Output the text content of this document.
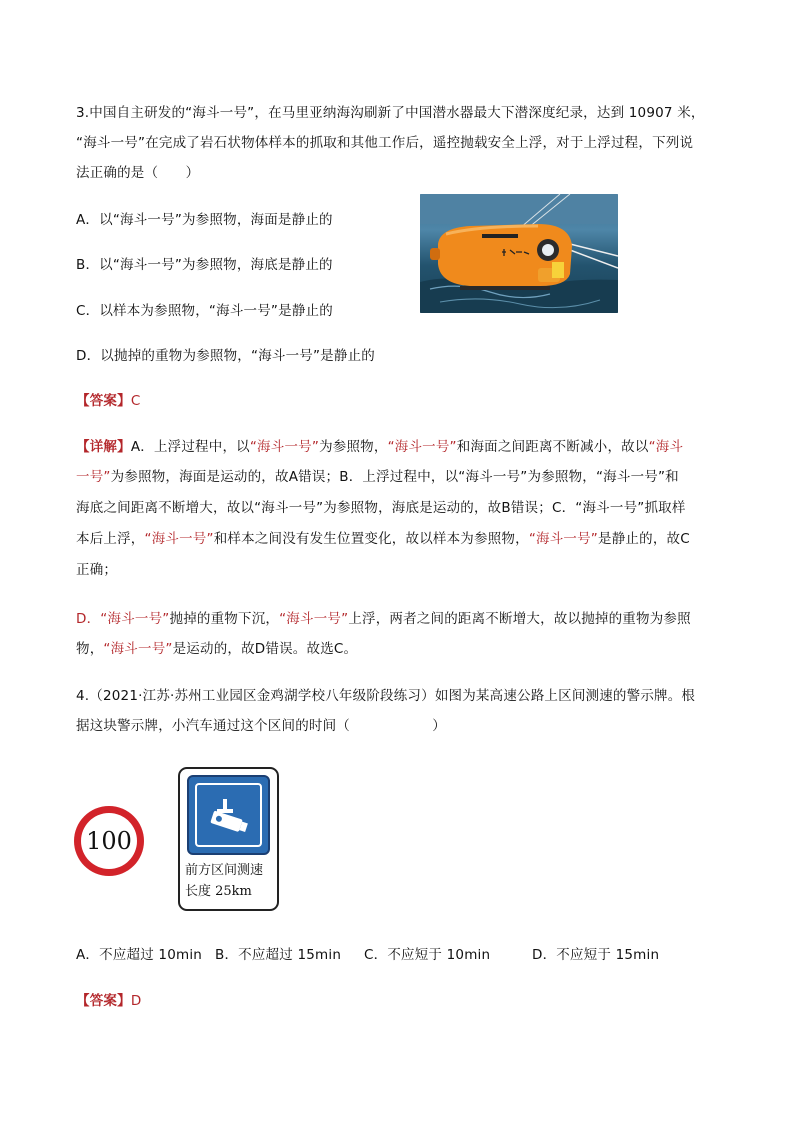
3.中国自主研发的“海斗一号”，在马里亚纳海沟刷新了中国潜水器最大下潜深度纪录，达到 10907 米，
“海斗一号”在完成了岩石状物体样本的抓取和其他工作后，遥控抛载安全上浮，对于上浮过程，下列说
法正确的是（　　）
A．以“海斗一号”为参照物，海面是静止的
B．以“海斗一号”为参照物，海底是静止的
C．以样本为参照物，“海斗一号”是静止的
D．以抛掉的重物为参照物，“海斗一号”是静止的
【答案】C
【详解】A．上浮过程中，以“海斗一号”为参照物，“海斗一号”和海面之间距离不断减小，故以“海斗
一号”为参照物，海面是运动的，故A错误；B．上浮过程中，以“海斗一号”为参照物，“海斗一号”和
海底之间距离不断增大，故以“海斗一号”为参照物，海底是运动的，故B错误；C．“海斗一号”抓取样
本后上浮，“海斗一号”和样本之间没有发生位置变化，故以样本为参照物，“海斗一号”是静止的，故C
正确；
D．“海斗一号”抛掉的重物下沉，“海斗一号”上浮，两者之间的距离不断增大，故以抛掉的重物为参照
物，“海斗一号”是运动的，故D错误。故选C。
4.（2021·江苏·苏州工业园区金鸡湖学校八年级阶段练习）如图为某高速公路上区间测速的警示牌。根
据这块警示牌，小汽车通过这个区间的时间（　　　　　　）
100
前方区间测速
长度 25km
A．不应超过 10min B．不应超过 15min C．不应短于 10min	D．不应短于 15min
【答案】D
